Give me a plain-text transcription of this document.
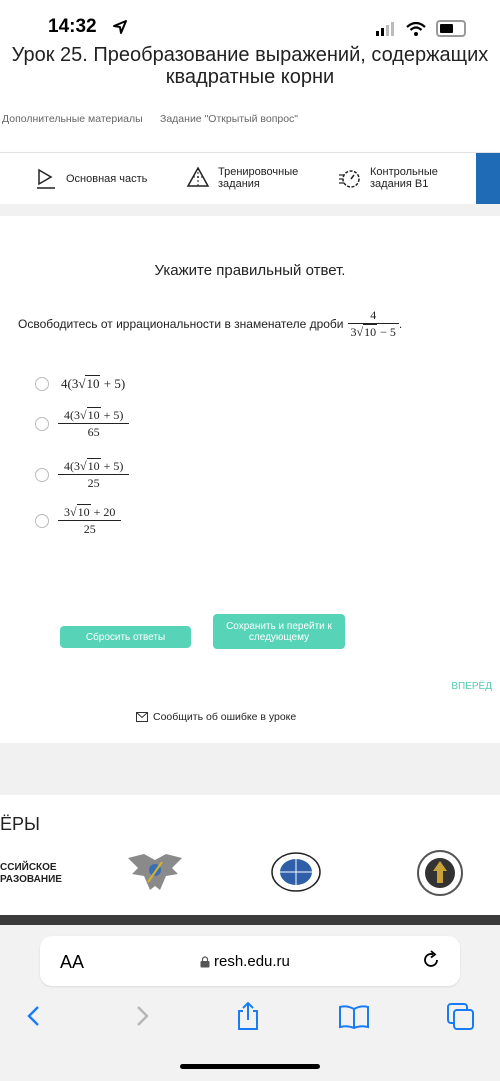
14:32
Урок 25. Преобразование выражений, содержащих
квадратные корни
Дополнительные материалы Задание "Открытый вопрос"
Основная часть
Тренировочные
задания
Контрольные
задания В1
Укажите правильный ответ.
Освободитесь от иррациональности в знаменателе дроби $\frac{4}{3√10 - 5}$ .
4(3√10 + 5)
$\frac{4(3√10 + 5)}{65}$
$\frac{4(3√10 + 5)}{25}$
$\frac{3√10 + 20}{25}$
Сбросить ответы
Сохранить и перейти к
следующему
ВПЕРЁД
Сообщить об ошибке в уроке
ЁРЫ
ССИЙСКОЕ
РАЗОВАНИЕ
AA	resh.edu.ru
